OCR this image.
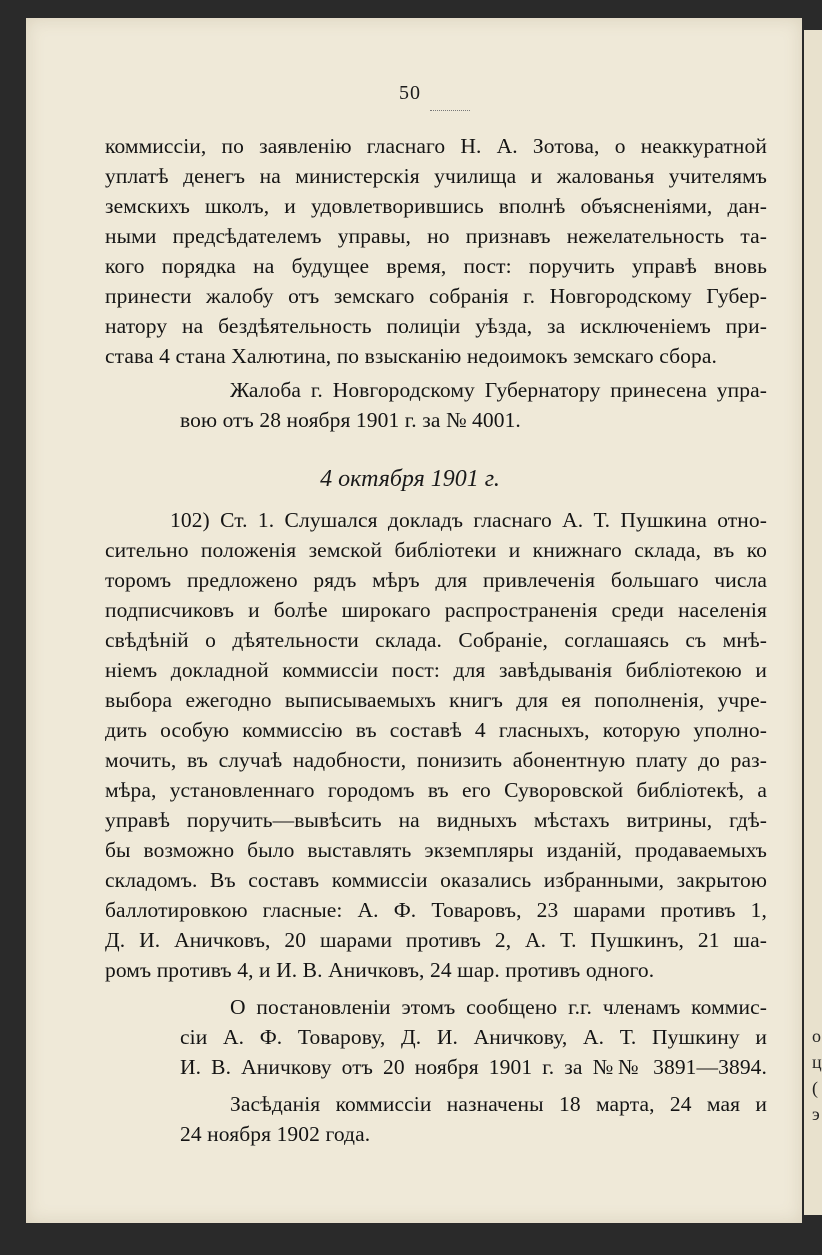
о
ц
(
э
50
коммиссіи, по заявленію гласнаго Н. А. Зотова, о неаккуратной
уплатѣ денегъ на министерскія училища и жалованья учителямъ
земскихъ школъ, и удовлетворившись вполнѣ объясненіями, дан-
ными предсѣдателемъ управы, но признавъ нежелательность та-
кого порядка на будущее время, пост: поручить управѣ вновь
принести жалобу отъ земскаго собранія г. Новгородскому Губер-
натору на бездѣятельность полиціи уѣзда, за исключеніемъ при-
става 4 стана Халютина, по взысканію недоимокъ земскаго сбора.
Жалоба г. Новгородскому Губернатору принесена упра-
вою отъ 28 ноября 1901 г. за № 4001.
4 октября 1901 г.
102) Ст. 1. Слушался докладъ гласнаго А. Т. Пушкина отно-
сительно положенія земской библіотеки и книжнаго склада, въ ко
торомъ предложено рядъ мѣръ для привлеченія большаго числа
подписчиковъ и болѣе широкаго распространенія среди населенія
свѣдѣній о дѣятельности склада. Собраніе, соглашаясь съ мнѣ-
ніемъ докладной коммиссіи пост: для завѣдыванія библіотекою и
выбора ежегодно выписываемыхъ книгъ для ея пополненія, учре-
дить особую коммиссію въ составѣ 4 гласныхъ, которую уполно-
мочить, въ случаѣ надобности, понизить абонентную плату до раз-
мѣра, установленнаго городомъ въ его Суворовской библіотекѣ, а
управѣ поручить—вывѣсить на видныхъ мѣстахъ витрины, гдѣ-
бы возможно было выставлять экземпляры изданій, продаваемыхъ
складомъ. Въ составъ коммиссіи оказались избранными, закрытою
баллотировкою гласные: А. Ф. Товаровъ, 23 шарами противъ 1,
Д. И. Аничковъ, 20 шарами противъ 2, А. Т. Пушкинъ, 21 ша-
ромъ противъ 4, и И. В. Аничковъ, 24 шар. противъ одного.
О постановленіи этомъ сообщено г.г. членамъ коммис-
сіи А. Ф. Товарову, Д. И. Аничкову, А. Т. Пушкину и
И. В. Аничкову отъ 20 ноября 1901 г. за №№ 3891—3894.
Засѣданія коммиссіи назначены 18 марта, 24 мая и
24 ноября 1902 года.
